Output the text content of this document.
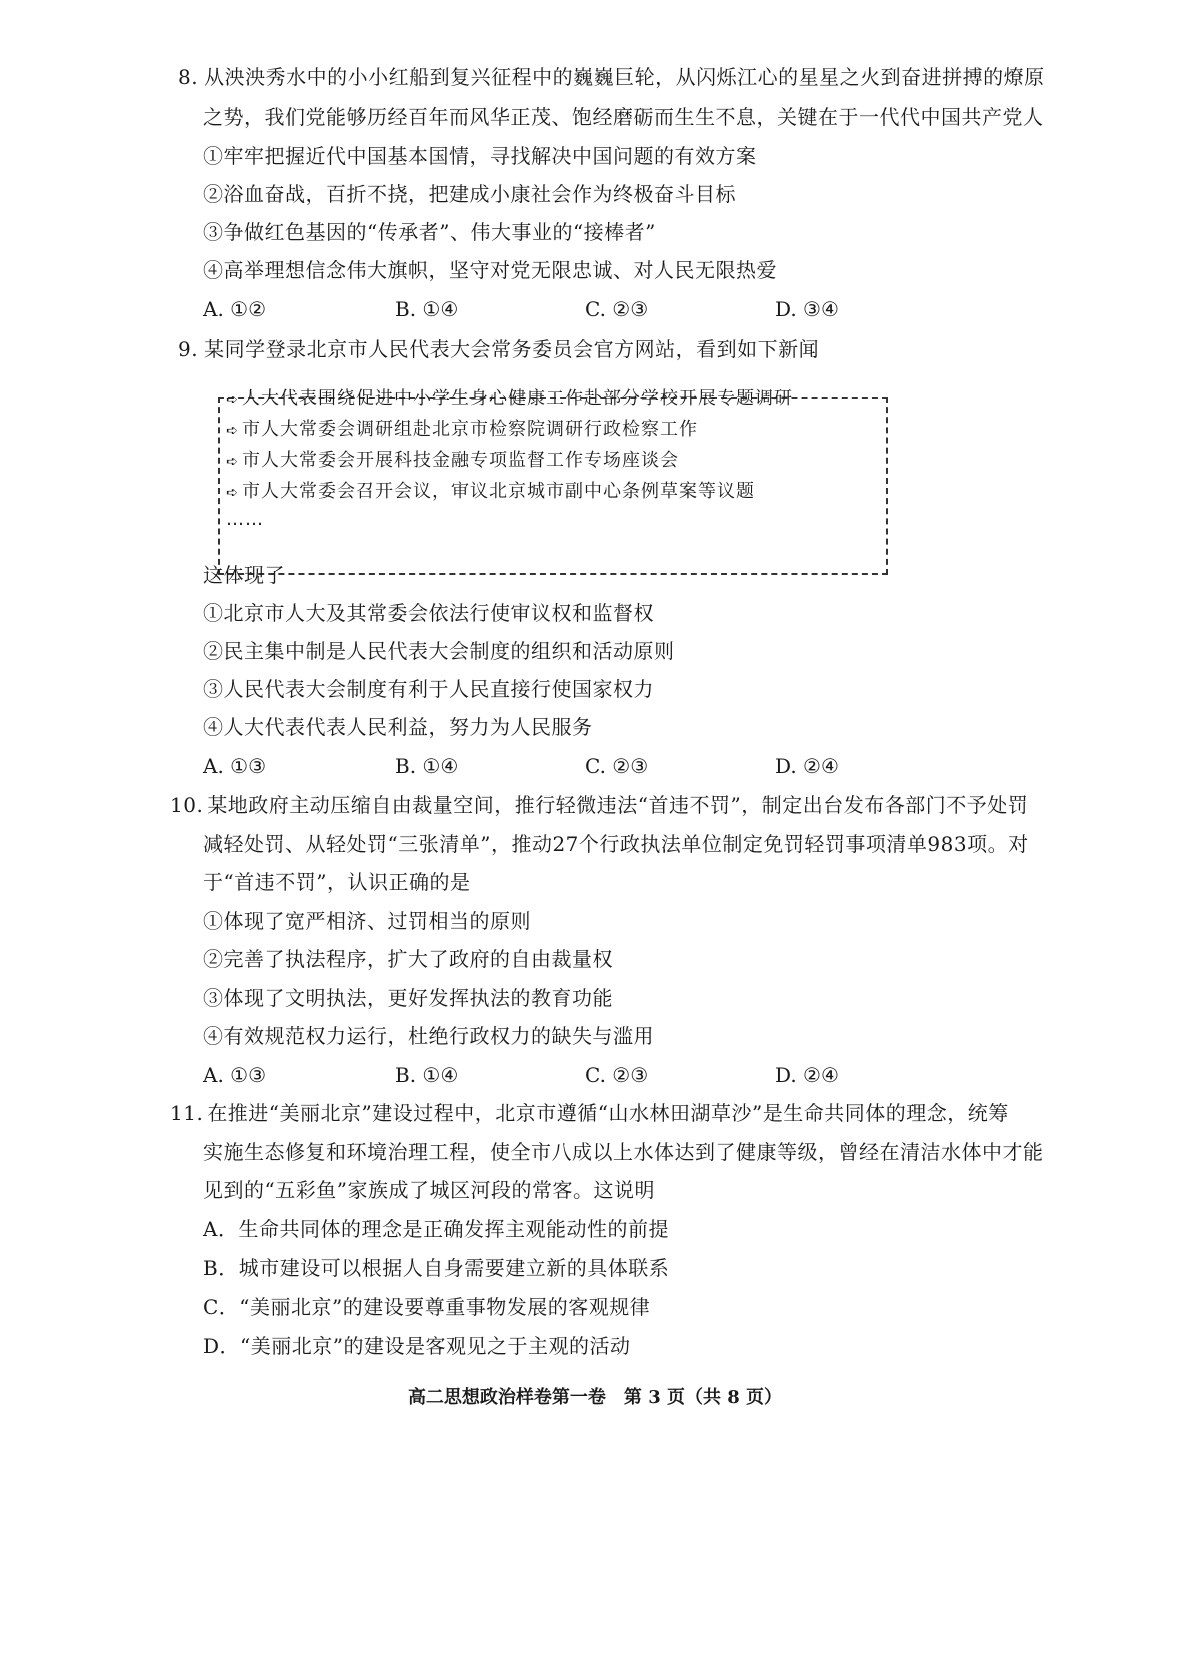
8. 从泱泱秀水中的小小红船到复兴征程中的巍巍巨轮，从闪烁江心的星星之火到奋进拼搏的燎原
之势，我们党能够历经百年而风华正茂、饱经磨砺而生生不息，关键在于一代代中国共产党人
①牢牢把握近代中国基本国情，寻找解决中国问题的有效方案
②浴血奋战，百折不挠，把建成小康社会作为终极奋斗目标
③争做红色基因的“传承者”、伟大事业的“接棒者”
④高举理想信念伟大旗帜，坚守对党无限忠诚、对人民无限热爱
A. ①②	B. ①④	C. ②③	D. ③④
9. 某同学登录北京市人民代表大会常务委员会官方网站，看到如下新闻
➪ 人大代表围绕促进中小学生身心健康工作赴部分学校开展专题调研
➪ 市人大常委会调研组赴北京市检察院调研行政检察工作
➪ 市人大常委会开展科技金融专项监督工作专场座谈会
➪ 市人大常委会召开会议，审议北京城市副中心条例草案等议题
……
这体现了
①北京市人大及其常委会依法行使审议权和监督权
②民主集中制是人民代表大会制度的组织和活动原则
③人民代表大会制度有利于人民直接行使国家权力
④人大代表代表人民利益，努力为人民服务
A. ①③	B. ①④	C. ②③	D. ②④
10. 某地政府主动压缩自由裁量空间，推行轻微违法“首违不罚”，制定出台发布各部门不予处罚
减轻处罚、从轻处罚“三张清单”，推动27个行政执法单位制定免罚轻罚事项清单983项。对
于“首违不罚”，认识正确的是
①体现了宽严相济、过罚相当的原则
②完善了执法程序，扩大了政府的自由裁量权
③体现了文明执法，更好发挥执法的教育功能
④有效规范权力运行，杜绝行政权力的缺失与滥用
A. ①③	B. ①④	C. ②③	D. ②④
11. 在推进“美丽北京”建设过程中，北京市遵循“山水林田湖草沙”是生命共同体的理念，统筹
实施生态修复和环境治理工程，使全市八成以上水体达到了健康等级，曾经在清洁水体中才能
见到的“五彩鱼”家族成了城区河段的常客。这说明
A．生命共同体的理念是正确发挥主观能动性的前提
B．城市建设可以根据人自身需要建立新的具体联系
C．“美丽北京”的建设要尊重事物发展的客观规律
D．“美丽北京”的建设是客观见之于主观的活动
高二思想政治样卷第一卷　第 3 页（共 8 页）
